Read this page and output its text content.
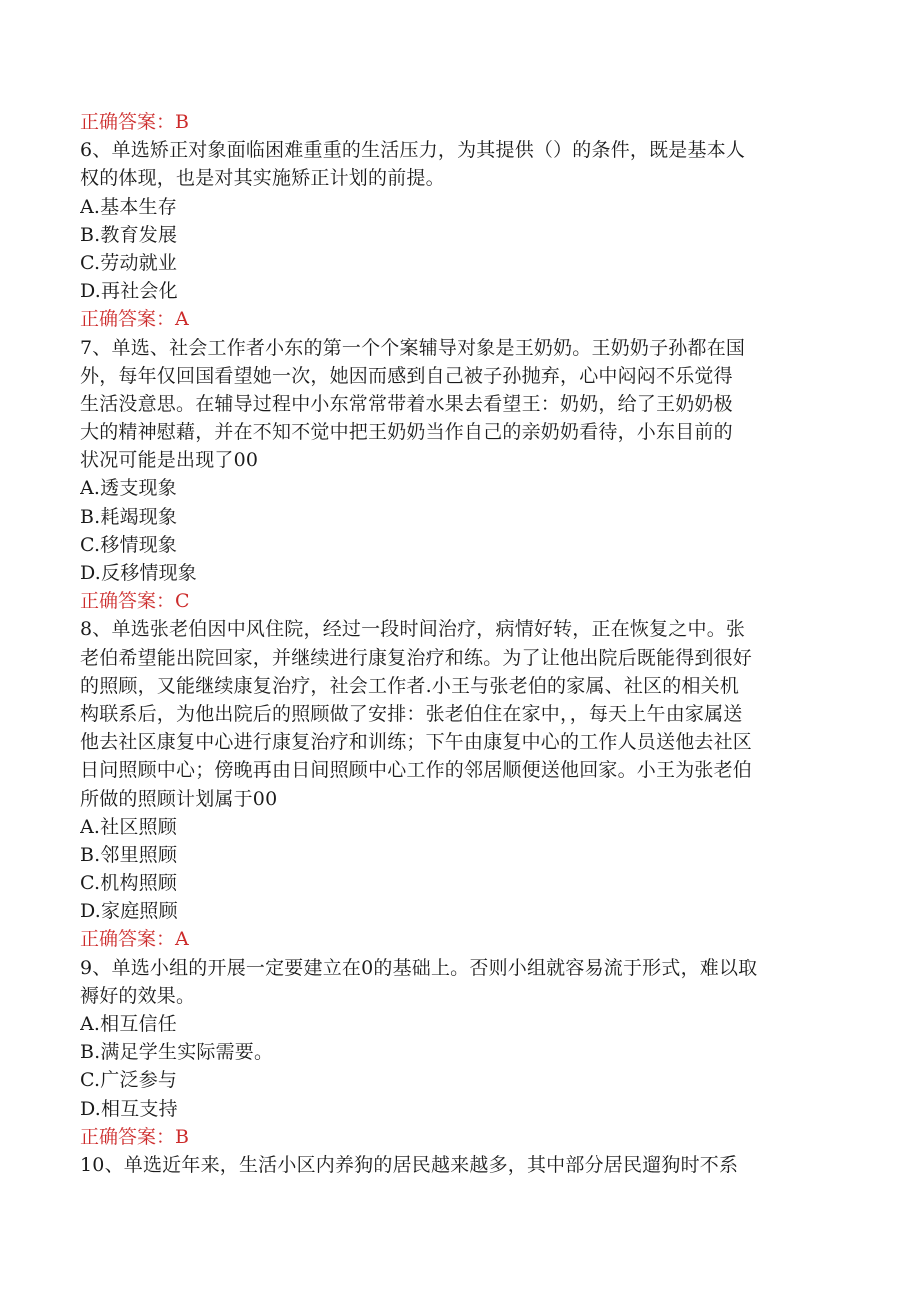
正确答案：B
6、单选矫正对象面临困难重重的生活压力，为其提供（）的条件，既是基本人
权的体现，也是对其实施矫正计划的前提。
A.基本生存
B.教育发展
C.劳动就业
D.再社会化
正确答案：A
7、单选、社会工作者小东的第一个个案辅导对象是王奶奶。王奶奶子孙都在国
外，每年仅回国看望她一次，她因而感到自己被子孙抛弃，心中闷闷不乐觉得
生活没意思。在辅导过程中小东常常带着水果去看望王：奶奶，给了王奶奶极
大的精神慰藉，并在不知不觉中把王奶奶当作自己的亲奶奶看待，小东目前的
状况可能是出现了00
A.透支现象
B.耗竭现象
C.移情现象
D.反移情现象
正确答案：C
8、单选张老伯因中风住院，经过一段时间治疗，病情好转，正在恢复之中。张
老伯希望能出院回家，并继续进行康复治疗和练。为了让他出院后既能得到很好
的照顾，又能继续康复治疗，社会工作者.小王与张老伯的家属、社区的相关机
构联系后，为他出院后的照顾做了安排：张老伯住在家中，，每天上午由家属送
他去社区康复中心进行康复治疗和训练；下午由康复中心的工作人员送他去社区
日问照顾中心；傍晚再由日间照顾中心工作的邻居顺便送他回家。小王为张老伯
所做的照顾计划属于00
A.社区照顾
B.邻里照顾
C.机构照顾
D.家庭照顾
正确答案：A
9、单选小组的开展一定要建立在0的基础上。否则小组就容易流于形式，难以取
褥好的效果。
A.相互信任
B.满足学生实际需要。
C.广泛参与
D.相互支持
正确答案：B
10、单选近年来，生活小区内养狗的居民越来越多，其中部分居民遛狗时不系
